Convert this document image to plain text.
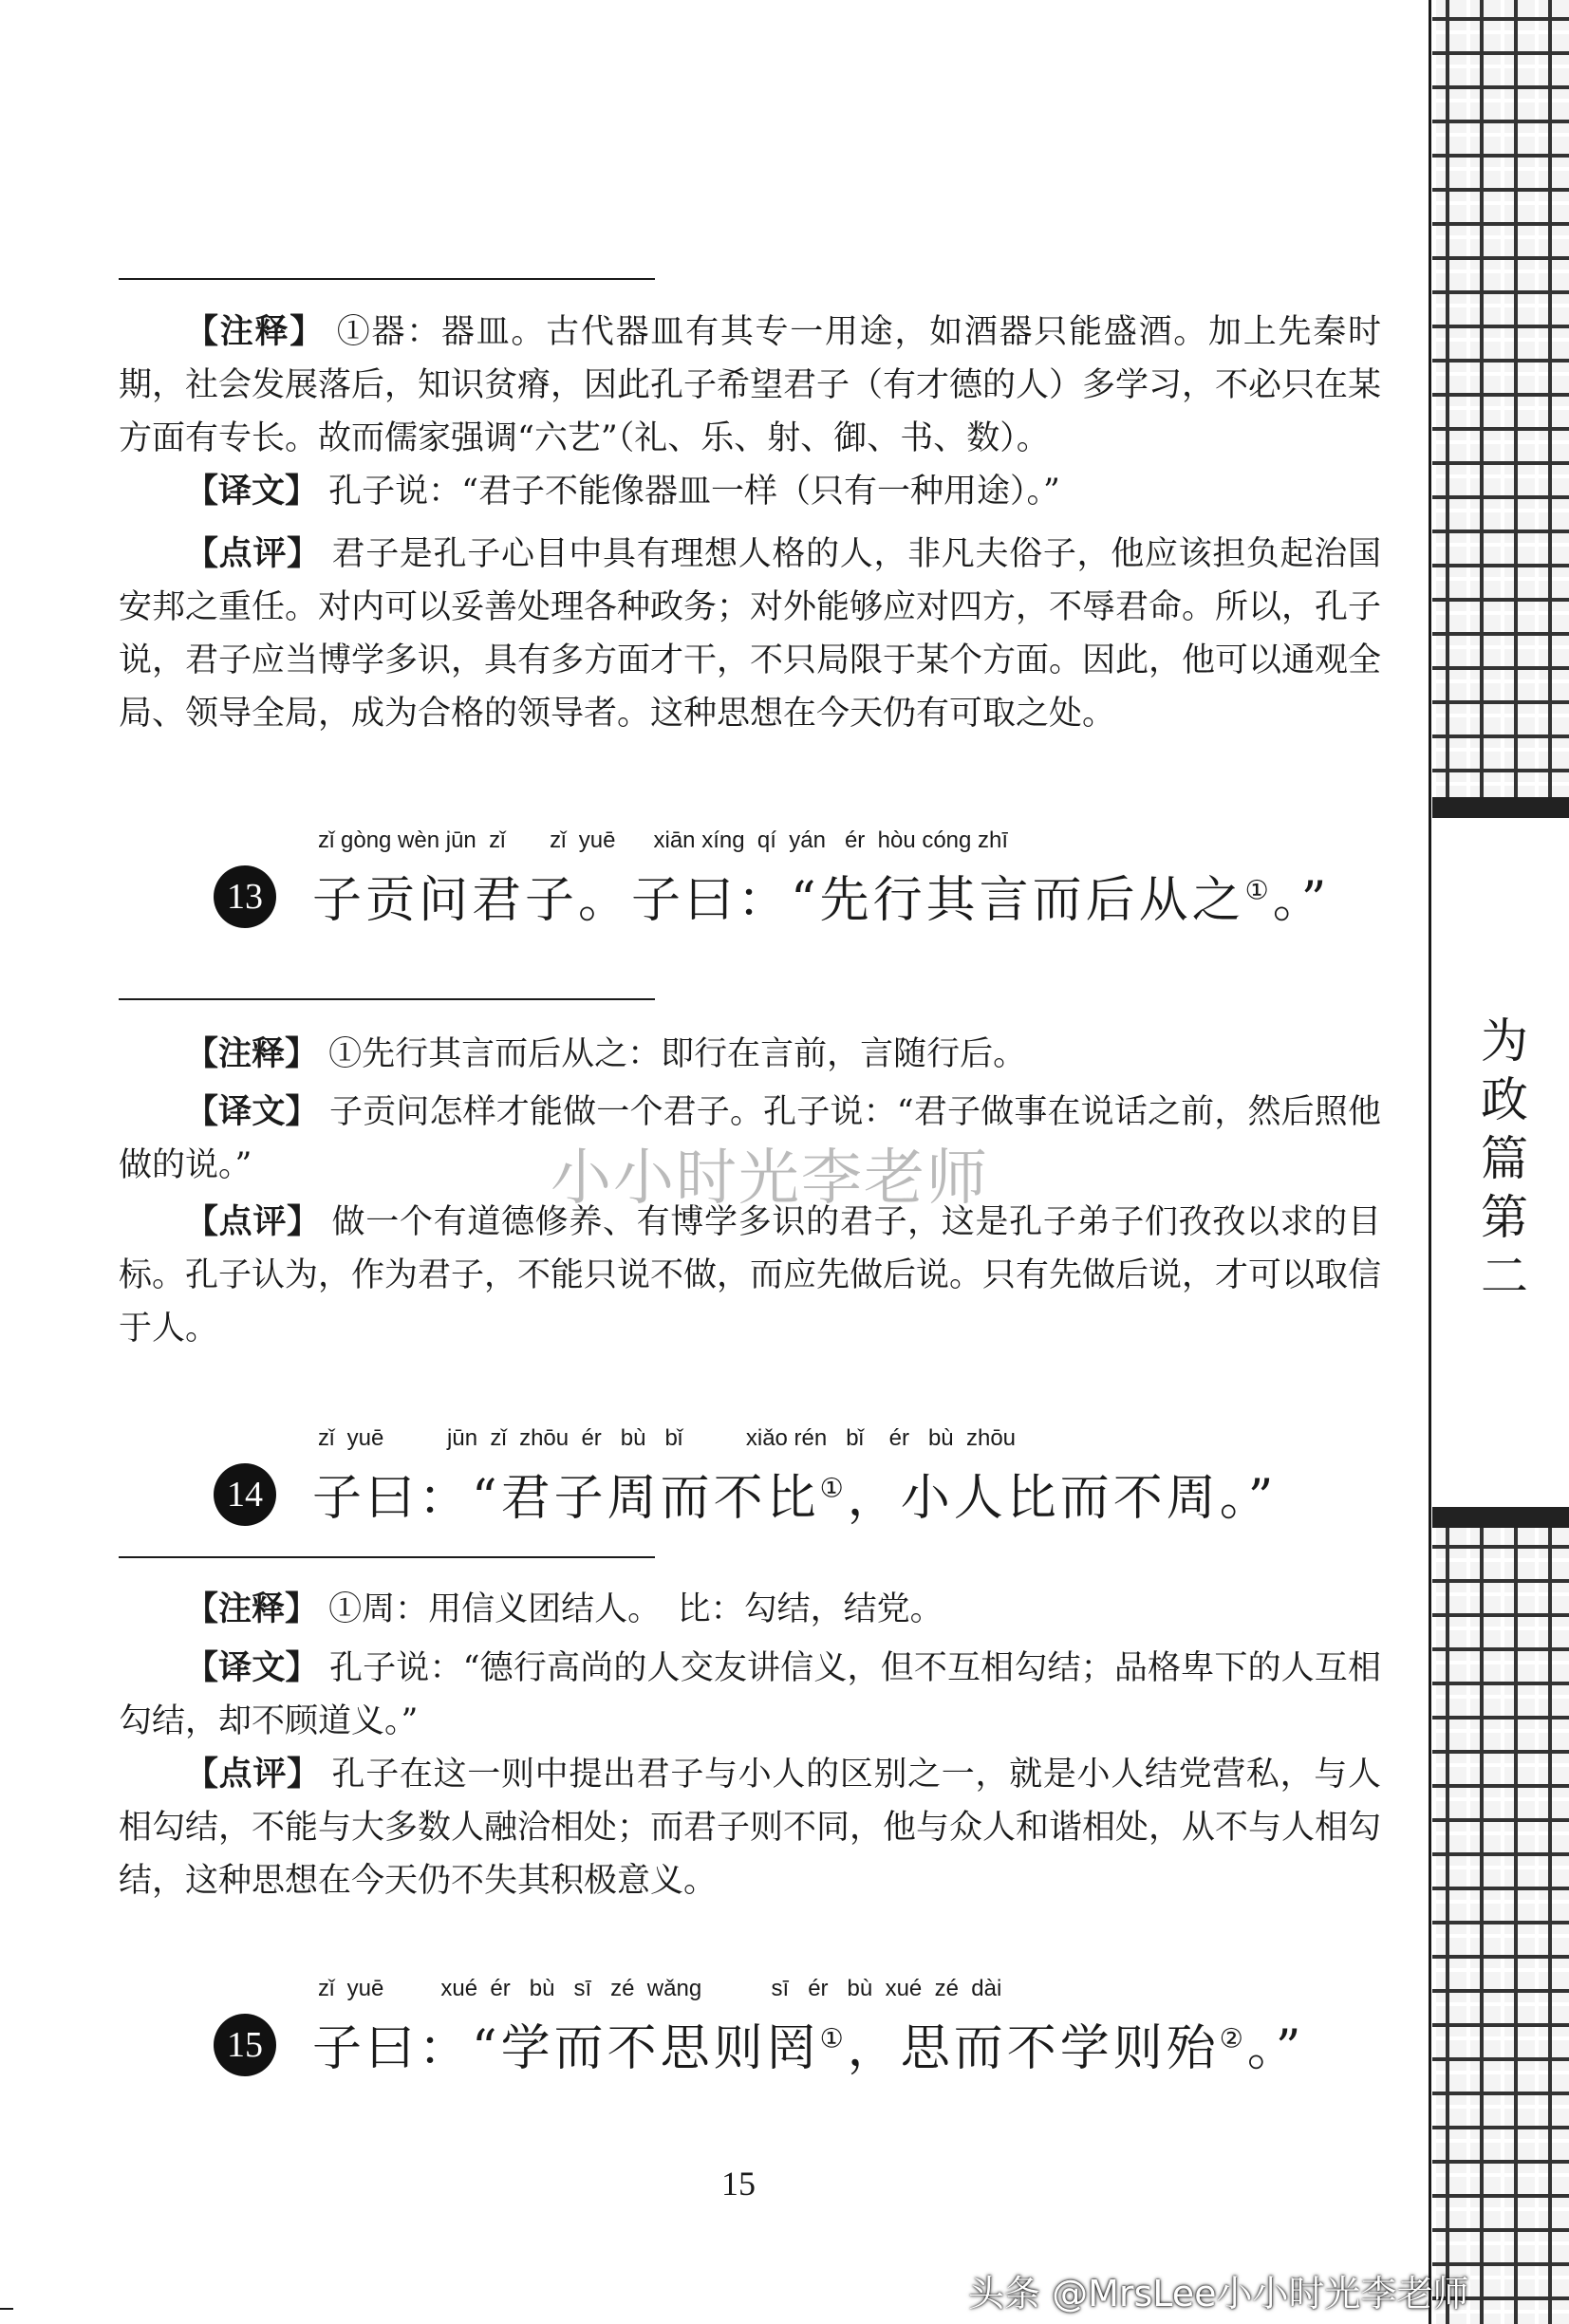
为政篇第二

【注释】 ①器：器皿。古代器皿有其专一用途，如酒器只能盛酒。加上先秦时期，社会发展落后，知识贫瘠，因此孔子希望君子（有才德的人）多学习，不必只在某方面有专长。故而儒家强调“六艺”（礼、乐、射、御、书、数）。

【译文】 孔子说：“君子不能像器皿一样（只有一种用途）。”

【点评】 君子是孔子心目中具有理想人格的人，非凡夫俗子，他应该担负起治国安邦之重任。对内可以妥善处理各种政务；对外能够应对四方，不辱君命。所以，孔子说，君子应当博学多识，具有多方面才干，不只局限于某个方面。因此，他可以通观全局、领导全局，成为合格的领导者。这种思想在今天仍有可取之处。

13
zǐ gòng wèn jūn  zǐ       zǐ  yuē      xiān xíng  qí  yán   ér  hòu cóng zhī
子贡问君子。子曰：“先行其言而后从之①。”

【注释】 ①先行其言而后从之：即行在言前，言随行后。

【译文】 子贡问怎样才能做一个君子。孔子说：“君子做事在说话之前，然后照他做的说。”

【点评】 做一个有道德修养、有博学多识的君子，这是孔子弟子们孜孜以求的目标。孔子认为，作为君子，不能只说不做，而应先做后说。只有先做后说，才可以取信于人。

14
zǐ  yuē          jūn  zǐ  zhōu  ér   bù   bǐ          xiǎo rén   bǐ    ér   bù  zhōu
子曰：“君子周而不比①，小人比而不周。”

【注释】 ①周：用信义团结人。　比：勾结，结党。

【译文】 孔子说：“德行高尚的人交友讲信义，但不互相勾结；品格卑下的人互相勾结，却不顾道义。”

【点评】 孔子在这一则中提出君子与小人的区别之一，就是小人结党营私，与人相勾结，不能与大多数人融洽相处；而君子则不同，他与众人和谐相处，从不与人相勾结，这种思想在今天仍不失其积极意义。

15
zǐ  yuē         xué  ér   bù   sī   zé  wǎng           sī   ér   bù  xué  zé  dài
子曰：“学而不思则罔①，思而不学则殆②。”
小小时光李老师
15
头条 @MrsLee小小时光李老师
